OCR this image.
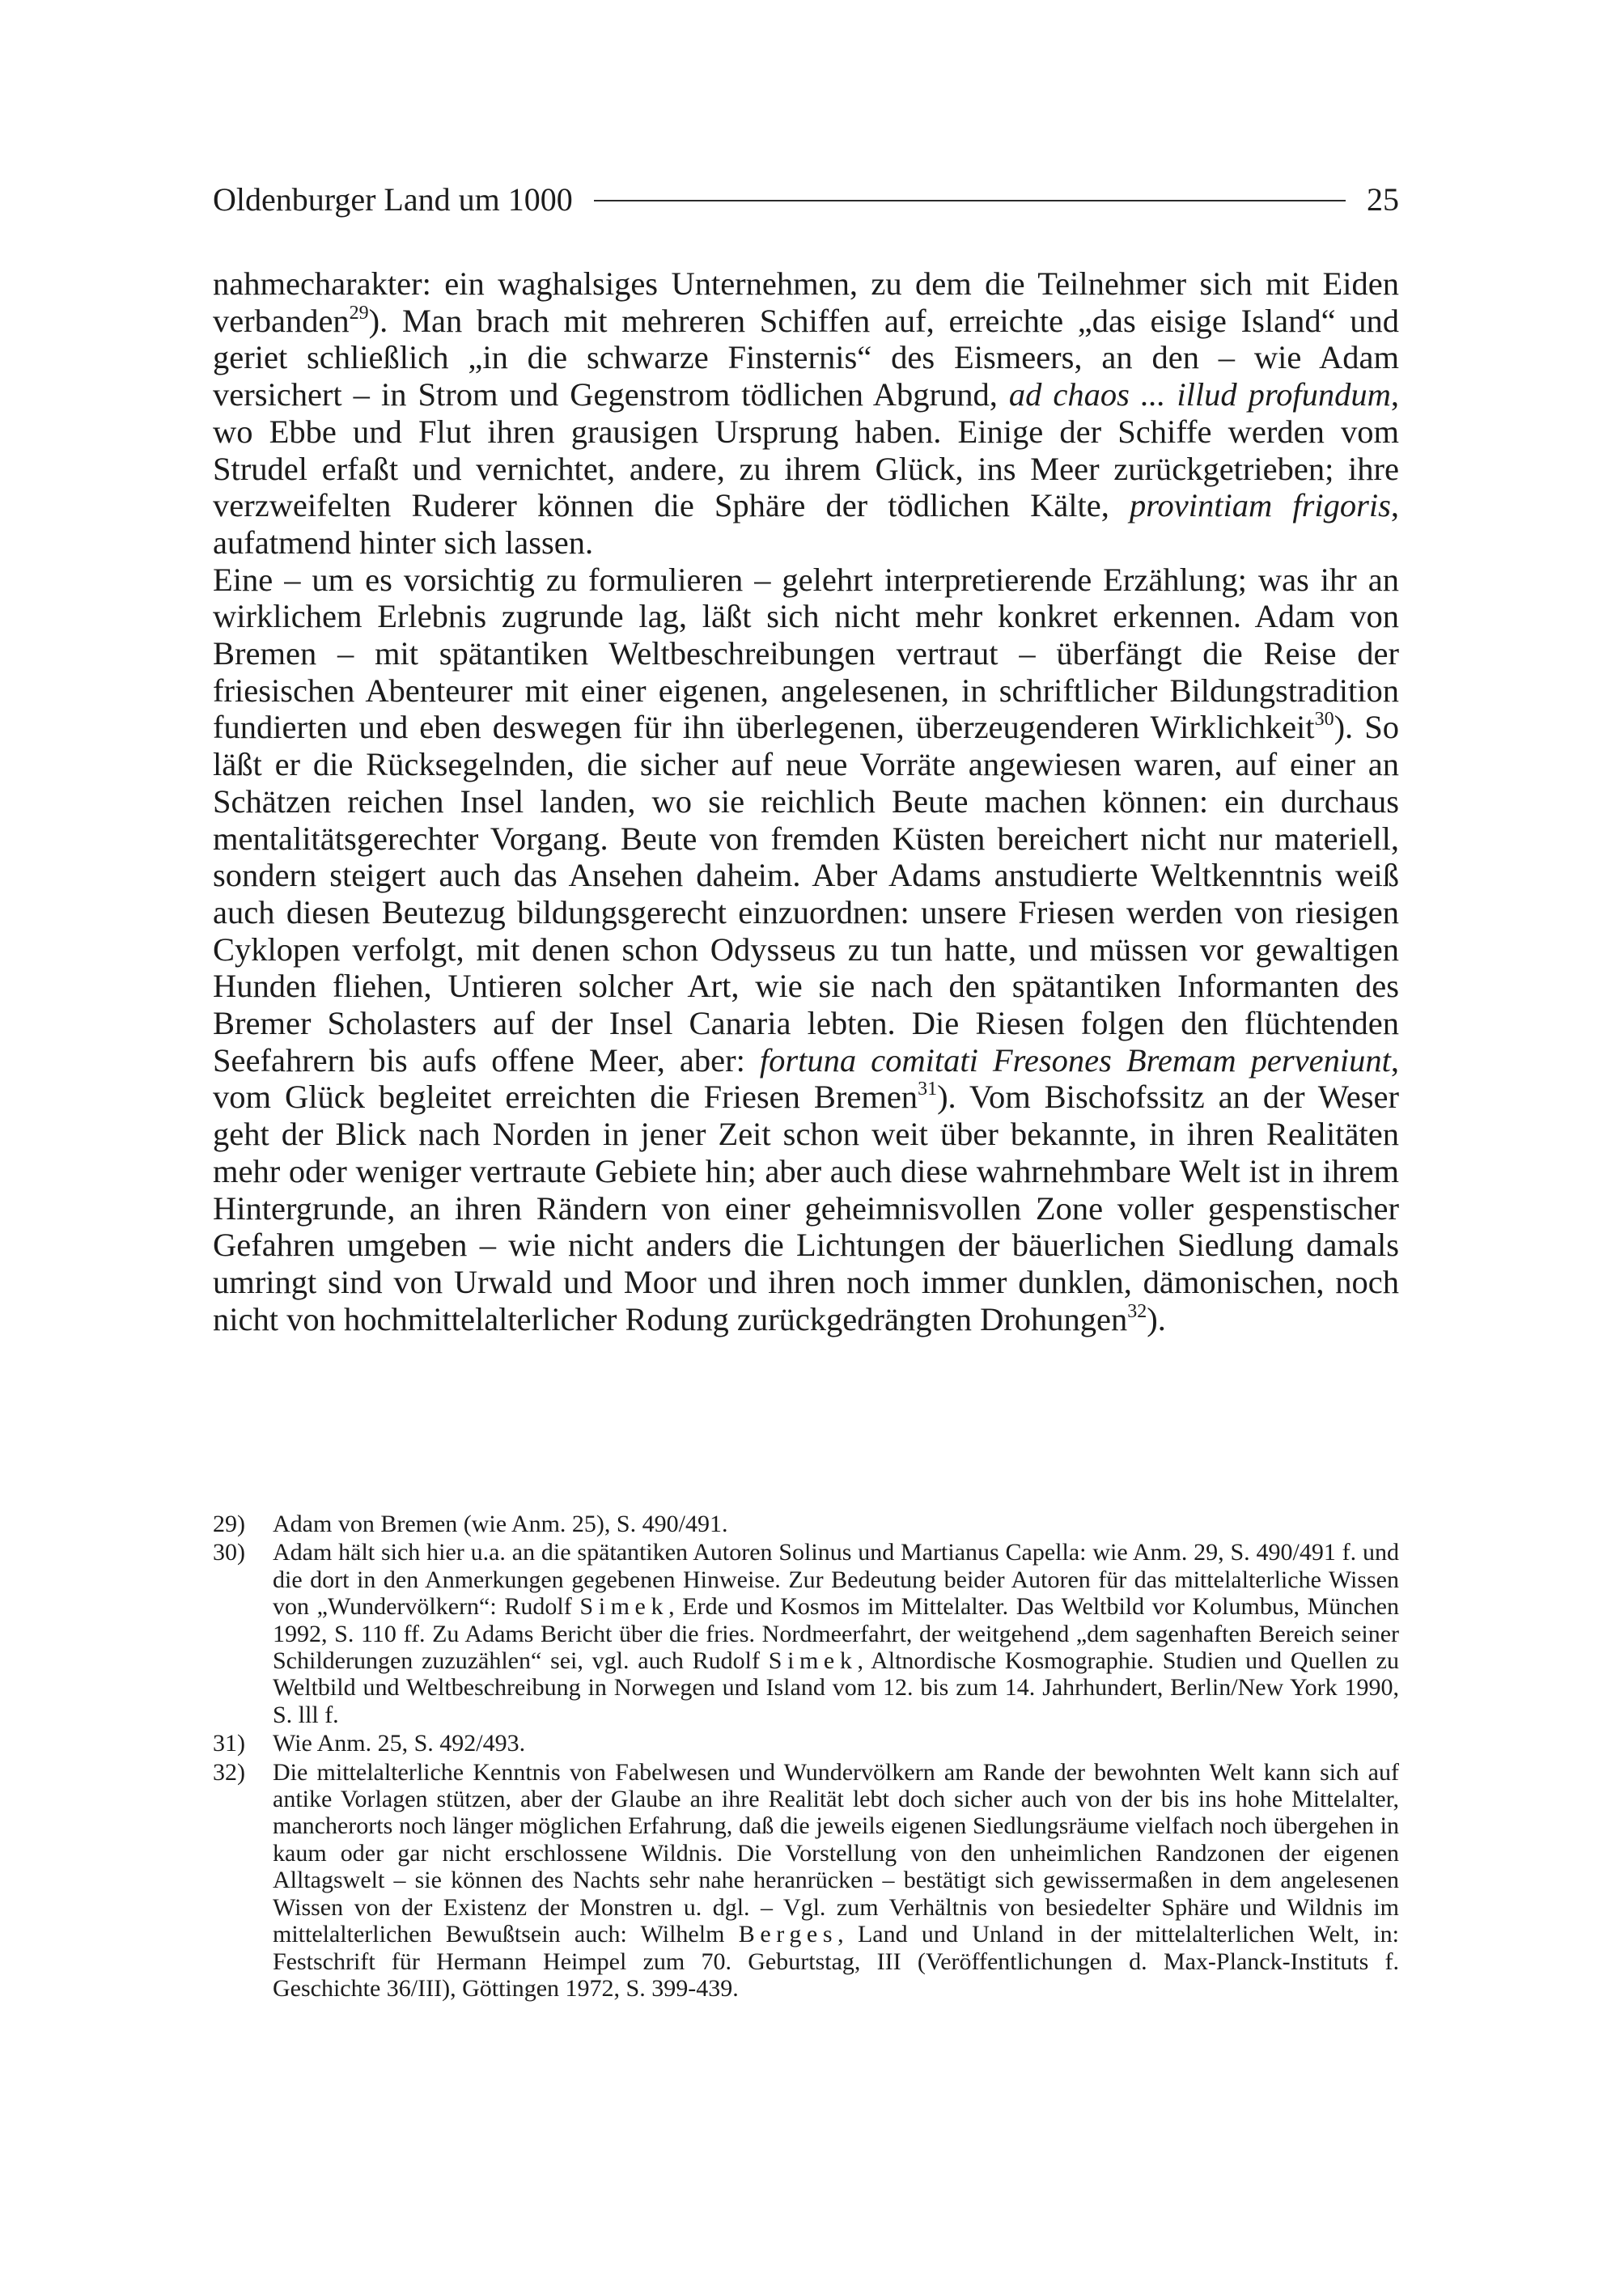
Oldenburger Land um 1000	25

nahmecharakter: ein waghalsiges Unternehmen, zu dem die Teilnehmer sich mit Eiden verbanden$^{29}$). Man brach mit mehreren Schiffen auf, erreichte „das eisige Island“ und geriet schließlich „in die schwarze Finsternis“ des Eismeers, an den – wie Adam versichert – in Strom und Gegenstrom tödlichen Abgrund, ad chaos ... illud profundum, wo Ebbe und Flut ihren grausigen Ursprung haben. Einige der Schiffe werden vom Strudel erfaßt und vernichtet, andere, zu ihrem Glück, ins Meer zurückgetrieben; ihre verzweifelten Ruderer können die Sphäre der tödlichen Kälte, provintiam frigoris, aufatmend hinter sich lassen.

Eine – um es vorsichtig zu formulieren – gelehrt interpretierende Erzählung; was ihr an wirklichem Erlebnis zugrunde lag, läßt sich nicht mehr konkret erkennen. Adam von Bremen – mit spätantiken Weltbeschreibungen vertraut – überfängt die Reise der friesischen Abenteurer mit einer eigenen, angelesenen, in schriftlicher Bildungstradition fundierten und eben deswegen für ihn überlegenen, überzeugenderen Wirklichkeit$^{30}$). So läßt er die Rücksegelnden, die sicher auf neue Vorräte angewiesen waren, auf einer an Schätzen reichen Insel landen, wo sie reichlich Beute machen können: ein durchaus mentalitätsgerechter Vorgang. Beute von fremden Küsten bereichert nicht nur materiell, sondern steigert auch das Ansehen daheim. Aber Adams anstudierte Weltkenntnis weiß auch diesen Beutezug bildungsgerecht einzuordnen: unsere Friesen werden von riesigen Cyklopen verfolgt, mit denen schon Odysseus zu tun hatte, und müssen vor gewaltigen Hunden fliehen, Untieren solcher Art, wie sie nach den spätantiken Informanten des Bremer Scholasters auf der Insel Canaria lebten. Die Riesen folgen den flüchtenden Seefahrern bis aufs offene Meer, aber: fortuna comitati Fresones Bremam perveniunt, vom Glück begleitet erreichten die Friesen Bremen$^{31}$). Vom Bischofssitz an der Weser geht der Blick nach Norden in jener Zeit schon weit über bekannte, in ihren Realitäten mehr oder weniger vertraute Gebiete hin; aber auch diese wahrnehmbare Welt ist in ihrem Hintergrunde, an ihren Rändern von einer geheimnisvollen Zone voller gespenstischer Gefahren umgeben – wie nicht anders die Lichtungen der bäuerlichen Siedlung damals umringt sind von Urwald und Moor und ihren noch immer dunklen, dämonischen, noch nicht von hochmittelalterlicher Rodung zurückgedrängten Drohungen$^{32}$).

29) Adam von Bremen (wie Anm. 25), S. 490/491.
30) Adam hält sich hier u.a. an die spätantiken Autoren Solinus und Martianus Capella: wie Anm. 29, S. 490/491 f. und die dort in den Anmerkungen gegebenen Hinweise. Zur Bedeutung beider Autoren für das mittelalterliche Wissen von „Wundervölkern“: Rudolf Simek, Erde und Kosmos im Mittelalter. Das Weltbild vor Kolumbus, München 1992, S. 110 ff. Zu Adams Bericht über die fries. Nordmeerfahrt, der weitgehend „dem sagenhaften Bereich seiner Schilderungen zuzuzählen“ sei, vgl. auch Rudolf Simek, Altnordische Kosmographie. Studien und Quellen zu Weltbild und Weltbeschreibung in Norwegen und Island vom 12. bis zum 14. Jahrhundert, Berlin/New York 1990, S. lll f.
31) Wie Anm. 25, S. 492/493.
32) Die mittelalterliche Kenntnis von Fabelwesen und Wundervölkern am Rande der bewohnten Welt kann sich auf antike Vorlagen stützen, aber der Glaube an ihre Realität lebt doch sicher auch von der bis ins hohe Mittelalter, mancherorts noch länger möglichen Erfahrung, daß die jeweils eigenen Siedlungsräume vielfach noch übergehen in kaum oder gar nicht erschlossene Wildnis. Die Vorstellung von den unheimlichen Randzonen der eigenen Alltagswelt – sie können des Nachts sehr nahe heranrücken – bestätigt sich gewissermaßen in dem angelesenen Wissen von der Existenz der Monstren u. dgl. – Vgl. zum Verhältnis von besiedelter Sphäre und Wildnis im mittelalterlichen Bewußtsein auch: Wilhelm Berges, Land und Unland in der mittelalterlichen Welt, in: Festschrift für Hermann Heimpel zum 70. Geburtstag, III (Veröffentlichungen d. Max-Planck-Instituts f. Geschichte 36/III), Göttingen 1972, S. 399-439.
